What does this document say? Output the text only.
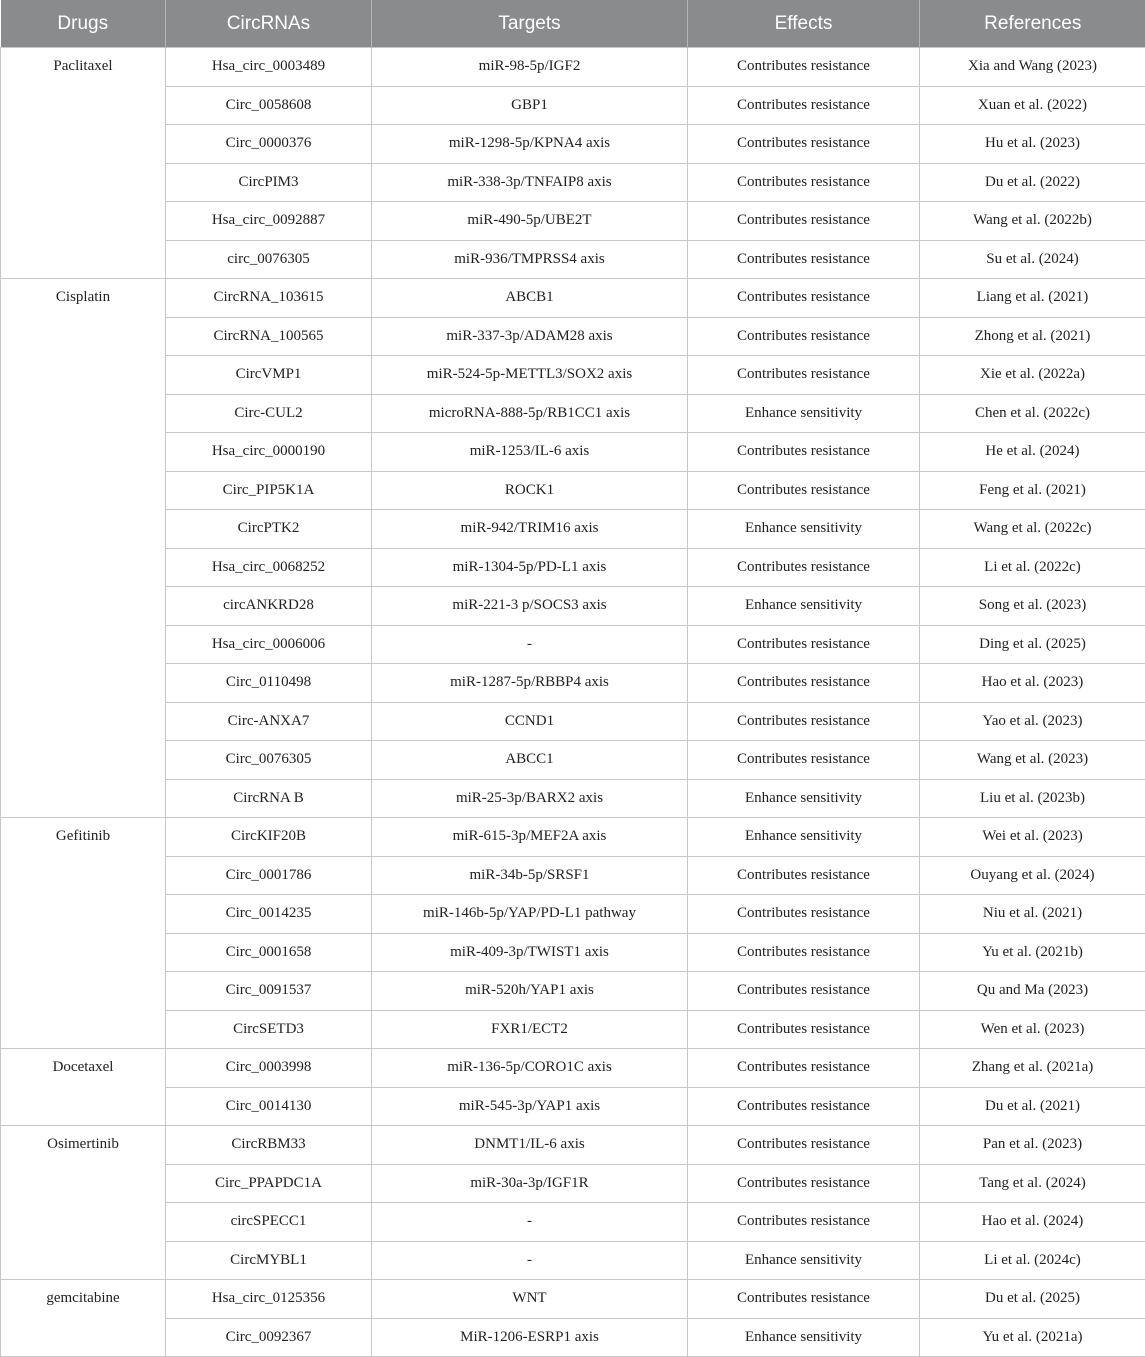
Drugs	CircRNAs	Targets	Effects	References
Paclitaxel	Hsa_circ_0003489	miR-98-5p/IGF2	Contributes resistance	Xia and Wang (2023)
	Circ_0058608	GBP1	Contributes resistance	Xuan et al. (2022)
	Circ_0000376	miR-1298-5p/KPNA4 axis	Contributes resistance	Hu et al. (2023)
	CircPIM3	miR-338-3p/TNFAIP8 axis	Contributes resistance	Du et al. (2022)
	Hsa_circ_0092887	miR-490-5p/UBE2T	Contributes resistance	Wang et al. (2022b)
	circ_0076305	miR-936/TMPRSS4 axis	Contributes resistance	Su et al. (2024)
Cisplatin	CircRNA_103615	ABCB1	Contributes resistance	Liang et al. (2021)
	CircRNA_100565	miR-337-3p/ADAM28 axis	Contributes resistance	Zhong et al. (2021)
	CircVMP1	miR-524-5p-METTL3/SOX2 axis	Contributes resistance	Xie et al. (2022a)
	Circ-CUL2	microRNA-888-5p/RB1CC1 axis	Enhance sensitivity	Chen et al. (2022c)
	Hsa_circ_0000190	miR-1253/IL-6 axis	Contributes resistance	He et al. (2024)
	Circ_PIP5K1A	ROCK1	Contributes resistance	Feng et al. (2021)
	CircPTK2	miR-942/TRIM16 axis	Enhance sensitivity	Wang et al. (2022c)
	Hsa_circ_0068252	miR-1304-5p/PD-L1 axis	Contributes resistance	Li et al. (2022c)
	circANKRD28	miR-221-3 p/SOCS3 axis	Enhance sensitivity	Song et al. (2023)
	Hsa_circ_0006006	-	Contributes resistance	Ding et al. (2025)
	Circ_0110498	miR-1287-5p/RBBP4 axis	Contributes resistance	Hao et al. (2023)
	Circ-ANXA7	CCND1	Contributes resistance	Yao et al. (2023)
	Circ_0076305	ABCC1	Contributes resistance	Wang et al. (2023)
	CircRNA B	miR-25-3p/BARX2 axis	Enhance sensitivity	Liu et al. (2023b)
Gefitinib	CircKIF20B	miR-615-3p/MEF2A axis	Enhance sensitivity	Wei et al. (2023)
	Circ_0001786	miR-34b-5p/SRSF1	Contributes resistance	Ouyang et al. (2024)
	Circ_0014235	miR-146b-5p/YAP/PD-L1 pathway	Contributes resistance	Niu et al. (2021)
	Circ_0001658	miR-409-3p/TWIST1 axis	Contributes resistance	Yu et al. (2021b)
	Circ_0091537	miR-520h/YAP1 axis	Contributes resistance	Qu and Ma (2023)
	CircSETD3	FXR1/ECT2	Contributes resistance	Wen et al. (2023)
Docetaxel	Circ_0003998	miR-136-5p/CORO1C axis	Contributes resistance	Zhang et al. (2021a)
	Circ_0014130	miR-545-3p/YAP1 axis	Contributes resistance	Du et al. (2021)
Osimertinib	CircRBM33	DNMT1/IL-6 axis	Contributes resistance	Pan et al. (2023)
	Circ_PPAPDC1A	miR-30a-3p/IGF1R	Contributes resistance	Tang et al. (2024)
	circSPECC1	-	Contributes resistance	Hao et al. (2024)
	CircMYBL1	-	Enhance sensitivity	Li et al. (2024c)
gemcitabine	Hsa_circ_0125356	WNT	Contributes resistance	Du et al. (2025)
	Circ_0092367	MiR-1206-ESRP1 axis	Enhance sensitivity	Yu et al. (2021a)
